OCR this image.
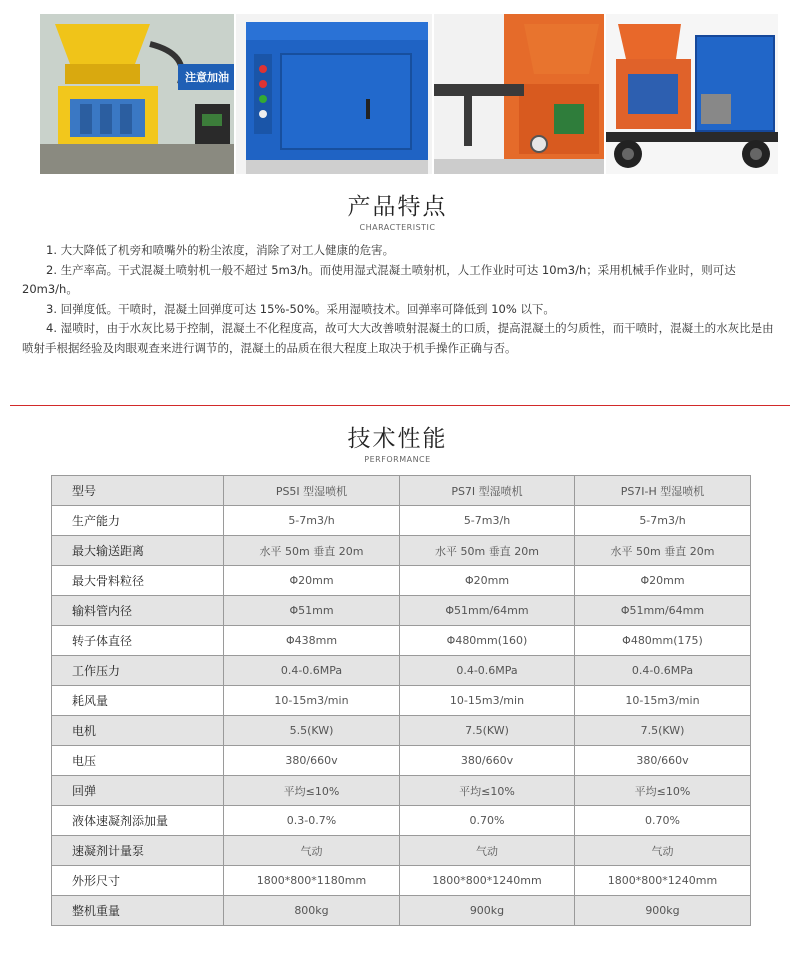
注意加油
产品特点
CHARACTERISTIC

1. 大大降低了机旁和喷嘴外的粉尘浓度，消除了对工人健康的危害。

2. 生产率高。干式混凝土喷射机一般不超过 5m3/h。而使用湿式混凝土喷射机，人工作业时可达 10m3/h；采用机械手作业时，则可达 20m3/h。

3. 回弹度低。干喷时，混凝土回弹度可达 15%-50%。采用湿喷技术。回弹率可降低到 10% 以下。

4. 湿喷时，由于水灰比易于控制，混凝土不化程度高，故可大大改善喷射混凝土的口质，提高混凝土的匀质性，而干喷时，混凝土的水灰比是由喷射手根据经验及肉眼观查来进行调节的，混凝土的品质在很大程度上取决于机手操作正确与否。

技术性能
PERFORMANCE
型号	PS5I 型湿喷机	PS7I 型湿喷机	PS7I-H 型湿喷机
生产能力	5-7m3/h	5-7m3/h	5-7m3/h
最大输送距离	水平 50m 垂直 20m	水平 50m 垂直 20m	水平 50m 垂直 20m
最大骨料粒径	Φ20mm	Φ20mm	Φ20mm
输料管内径	Φ51mm	Φ51mm/64mm	Φ51mm/64mm
转子体直径	Φ438mm	Φ480mm(160)	Φ480mm(175)
工作压力	0.4-0.6MPa	0.4-0.6MPa	0.4-0.6MPa
耗风量	10-15m3/min	10-15m3/min	10-15m3/min
电机	5.5(KW)	7.5(KW)	7.5(KW)
电压	380/660v	380/660v	380/660v
回弹	平均≤10%	平均≤10%	平均≤10%
液体速凝剂添加量	0.3-0.7%	0.70%	0.70%
速凝剂计量泵	气动	气动	气动
外形尺寸	1800*800*1180mm	1800*800*1240mm	1800*800*1240mm
整机重量	800kg	900kg	900kg
